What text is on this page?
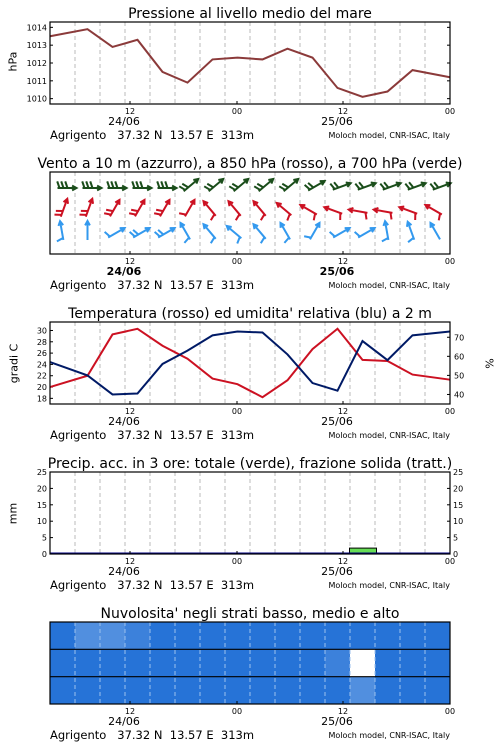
Pressione al livello medio del mare
hPa
1010
1011
1012
1013
1014
12	00	12	00
24/06	25/06
Agrigento   37.32 N  13.57 E  313m	Moloch model, CNR-ISAC, Italy
Vento a 10 m (azzurro), a 850 hPa (rosso), a 700 hPa (verde)
12	00	12	00
24/06	25/06
Agrigento   37.32 N  13.57 E  313m	Moloch model, CNR-ISAC, Italy
Temperatura (rosso) ed umidita' relativa (blu) a 2 m
gradi C	%
18
20
22
24
26
28
30
40
50
60
70
12	00	12	00
24/06	25/06
Agrigento   37.32 N  13.57 E  313m	Moloch model, CNR-ISAC, Italy
Precip. acc. in 3 ore: totale (verde), frazione solida (tratt.)
mm
0	0
5	5
10	10
15	15
20	20
25	25
12	00	12	00
24/06	25/06
Agrigento   37.32 N  13.57 E  313m	Moloch model, CNR-ISAC, Italy
Nuvolosita' negli strati basso, medio e alto
12	00	12	00
24/06	25/06
Agrigento   37.32 N  13.57 E  313m	Moloch model, CNR-ISAC, Italy
